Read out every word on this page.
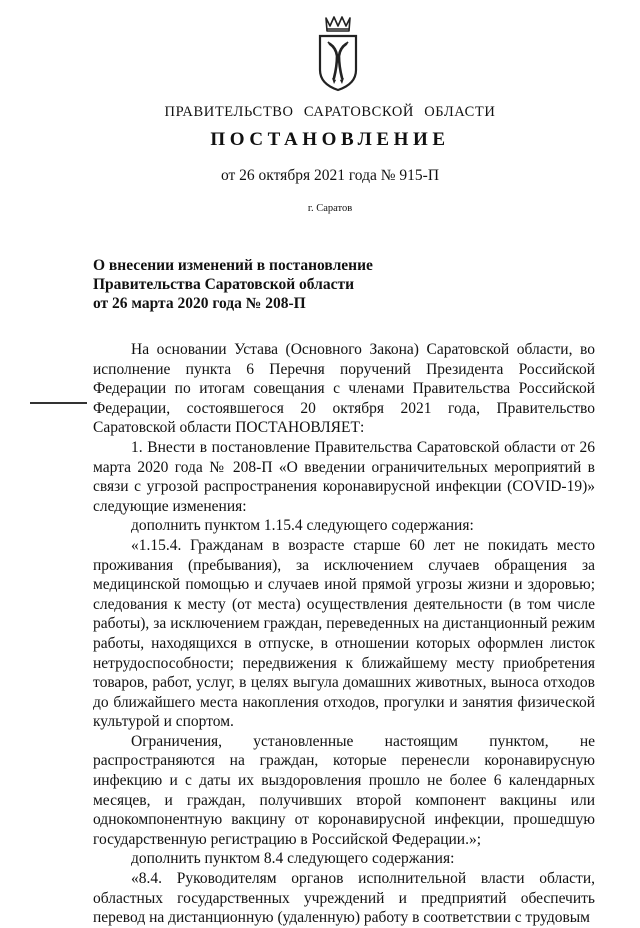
ПРАВИТЕЛЬСТВО САРАТОВСКОЙ ОБЛАСТИ
ПОСТАНОВЛЕНИЕ
от 26 октября 2021 года № 915-П
г. Саратов
О внесении изменений в постановление
Правительства Саратовской области
от 26 марта 2020 года № 208-П

На основании Устава (Основного Закона) Саратовской области, во исполнение пункта 6 Перечня поручений Президента Российской Федерации по итогам совещания с членами Правительства Российской Федерации, состоявшегося 20 октября 2021 года, Правительство Саратовской области ПОСТАНОВЛЯЕТ:

1. Внести в постановление Правительства Саратовской области от 26 марта 2020 года № 208-П «О введении ограничительных мероприятий в связи с угрозой распространения коронавирусной инфекции (COVID-19)» следующие изменения:

дополнить пунктом 1.15.4 следующего содержания:

«1.15.4. Гражданам в возрасте старше 60 лет не покидать место проживания (пребывания), за исключением случаев обращения за медицинской помощью и случаев иной прямой угрозы жизни и здоровью; следования к месту (от места) осуществления деятельности (в том числе работы), за исключением граждан, переведенных на дистанционный режим работы, находящихся в отпуске, в отношении которых оформлен листок нетрудоспособности; передвижения к ближайшему месту приобретения товаров, работ, услуг, в целях выгула домашних животных, выноса отходов до ближайшего места накопления отходов, прогулки и занятия физической культурой и спортом.

Ограничения, установленные настоящим пунктом, не распространяются на граждан, которые перенесли коронавирусную инфекцию и с даты их выздоровления прошло не более 6 календарных месяцев, и граждан, получивших второй компонент вакцины или однокомпонентную вакцину от коронавирусной инфекции, прошедшую государственную регистрацию в Российской Федерации.»;

дополнить пунктом 8.4 следующего содержания:

«8.4. Руководителям органов исполнительной власти области, областных государственных учреждений и предприятий обеспечить перевод на дистанционную (удаленную) работу в соответствии с трудовым
